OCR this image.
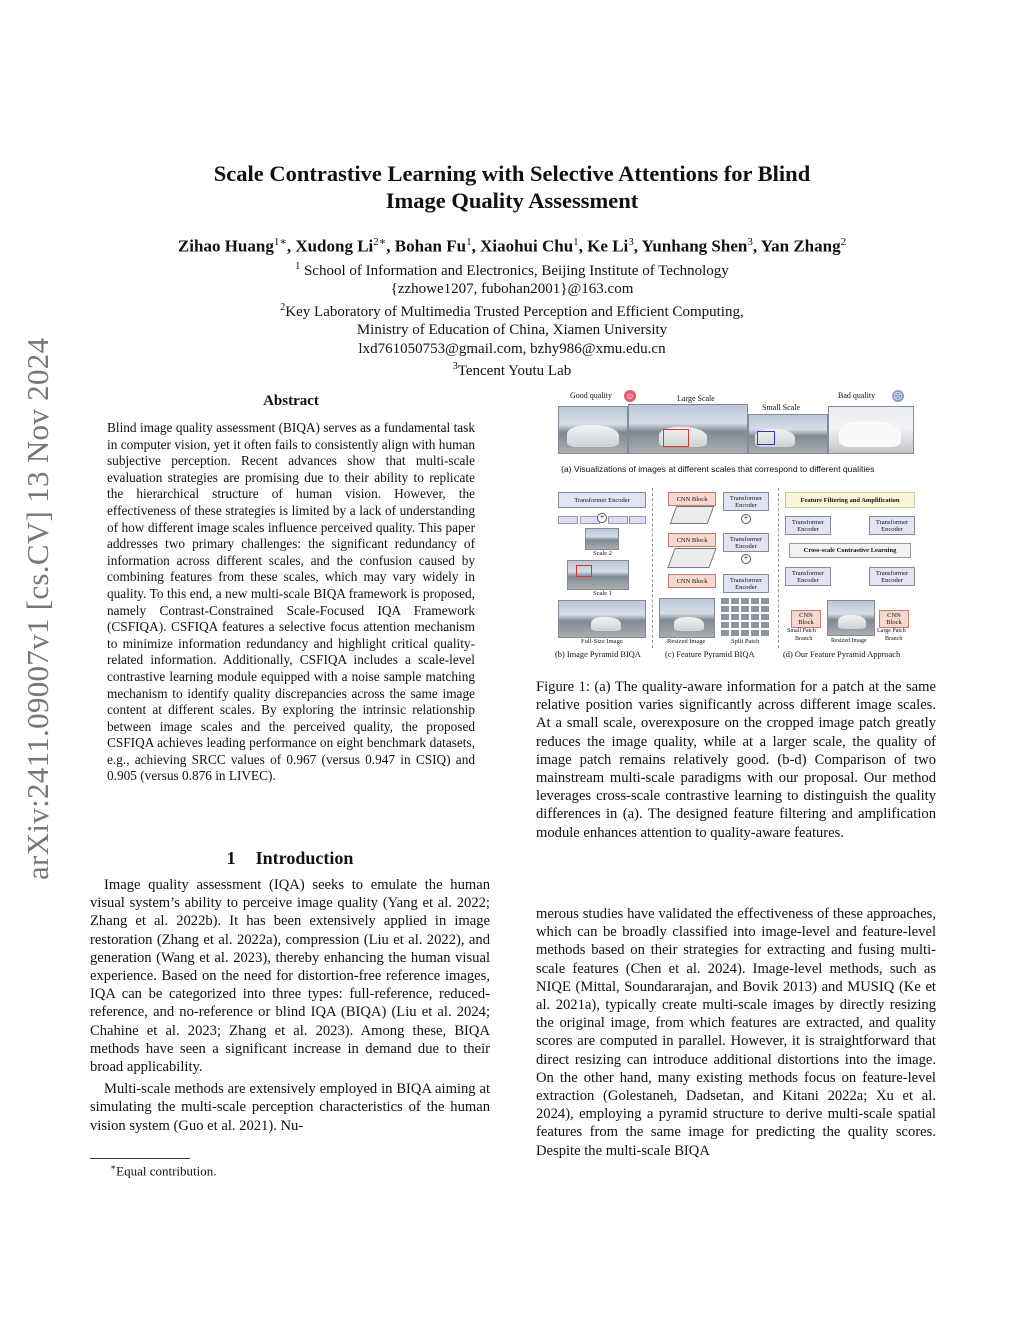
arXiv:2411.09007v1 [cs.CV] 13 Nov 2024
Scale Contrastive Learning with Selective Attentions for Blind
Image Quality Assessment
Zihao Huang$^{1∗}$, Xudong $Li^{2∗}$, Bohan Fu$^1$, Xiaohui Chu$^1$, Ke Li$^3$, Yunhang Shen$^3$, Yan Zhang$^2$
$^1$ School of Information and Electronics, Beijing Institute of Technology
{zzhowe1207, fubohan2001}@163.com
$^2$Key Laboratory of Multimedia Trusted Perception and Efficient Computing,
Ministry of Education of China, Xiamen University
lxd761050753@gmail.com, bzhy986@xmu.edu.cn
$^3$Tencent Youtu Lab
Abstract
Blind image quality assessment (BIQA) serves as a fundamental task in computer vision, yet it often fails to consistently align with human subjective perception. Recent advances show that multi-scale evaluation strategies are promising due to their ability to replicate the hierarchical structure of human vision. However, the effectiveness of these strategies is limited by a lack of understanding of how different image scales influence perceived quality. This paper addresses two primary challenges: the significant redundancy of information across different scales, and the confusion caused by combining features from these scales, which may vary widely in quality. To this end, a new multi-scale BIQA framework is proposed, namely Contrast-Constrained Scale-Focused IQA Framework (CSFIQA). CSFIQA features a selective focus attention mechanism to minimize information redundancy and highlight critical quality-related information. Additionally, CSFIQA includes a scale-level contrastive learning module equipped with a noise sample matching mechanism to identify quality discrepancies across the same image content at different scales. By exploring the intrinsic relationship between image scales and the perceived quality, the proposed CSFIQA achieves leading performance on eight benchmark datasets, e.g., achieving SRCC values of 0.967 (versus 0.947 in CSIQ) and 0.905 (versus 0.876 in LIVEC).
1 Introduction

Image quality assessment (IQA) seeks to emulate the human visual system’s ability to perceive image quality (Yang et al. 2022; Zhang et al. 2022b). It has been extensively applied in image restoration (Zhang et al. 2022a), compression (Liu et al. 2022), and generation (Wang et al. 2023), thereby enhancing the human visual experience. Based on the need for distortion-free reference images, IQA can be categorized into three types: full-reference, reduced-reference, and no-reference or blind IQA (BIQA) (Liu et al. 2024; Chahine et al. 2023; Zhang et al. 2023). Among these, BIQA methods have seen a significant increase in demand due to their broad applicability.

Multi-scale methods are extensively employed in BIQA aiming at simulating the multi-scale perception characteristics of the human vision system (Guo et al. 2021). Nu-

∗Equal contribution.
Good quality ☺	Large Scale
Small Scale
Bad quality ☹
(a) Visualizations of images at different scales that correspond to different qualities
Transformer Encoder
+
Scale 2
Scale 1
Full-Size Image
(b) Image Pyramid BIQA
CNN Block	Transformer
Encoder
+
CNN Block	Transformer
Encoder
+
CNN Block	Transformer
Encoder
Resized Image	Split Patch
(c) Feature Pyramid BIQA
Feature Filtering and Amplification
Transformer
Encoder
Transformer
Encoder
Cross-scale Contrastive Learning
Transformer
Encoder
Transformer
Encoder
CNN
Block
CNN
Block
Small Patch
Branch	Resized Image
Large Patch
Branch
(d) Our Feature Pyramid Approach
Figure 1: (a) The quality-aware information for a patch at the same relative position varies significantly across different image scales. At a small scale, overexposure on the cropped image patch greatly reduces the image quality, while at a larger scale, the quality of image patch remains relatively good. (b-d) Comparison of two mainstream multi-scale paradigms with our proposal. Our method leverages cross-scale contrastive learning to distinguish the quality differences in (a). The designed feature filtering and amplification module enhances attention to quality-aware features.

merous studies have validated the effectiveness of these approaches, which can be broadly classified into image-level and feature-level methods based on their strategies for extracting and fusing multi-scale features (Chen et al. 2024). Image-level methods, such as NIQE (Mittal, Soundararajan, and Bovik 2013) and MUSIQ (Ke et al. 2021a), typically create multi-scale images by directly resizing the original image, from which features are extracted, and quality scores are computed in parallel. However, it is straightforward that direct resizing can introduce additional distortions into the image. On the other hand, many existing methods focus on feature-level extraction (Golestaneh, Dadsetan, and Kitani 2022a; Xu et al. 2024), employing a pyramid structure to derive multi-scale spatial features from the same image for predicting the quality scores. Despite the multi-scale BIQA
